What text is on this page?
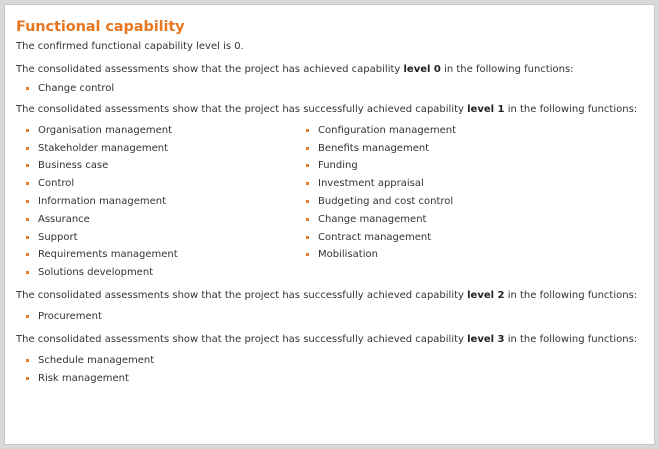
Functional capability

The confirmed functional capability level is 0.

The consolidated assessments show that the project has achieved capability level 0 in the following functions:

Change control

The consolidated assessments show that the project has successfully achieved capability level 1 in the following functions:

Organisation management
Stakeholder management
Business case
Control
Information management
Assurance
Support
Requirements management
Solutions development
Configuration management
Benefits management
Funding
Investment appraisal
Budgeting and cost control
Change management
Contract management
Mobilisation

The consolidated assessments show that the project has successfully achieved capability level 2 in the following functions:

Procurement

The consolidated assessments show that the project has successfully achieved capability level 3 in the following functions:

Schedule management
Risk management
